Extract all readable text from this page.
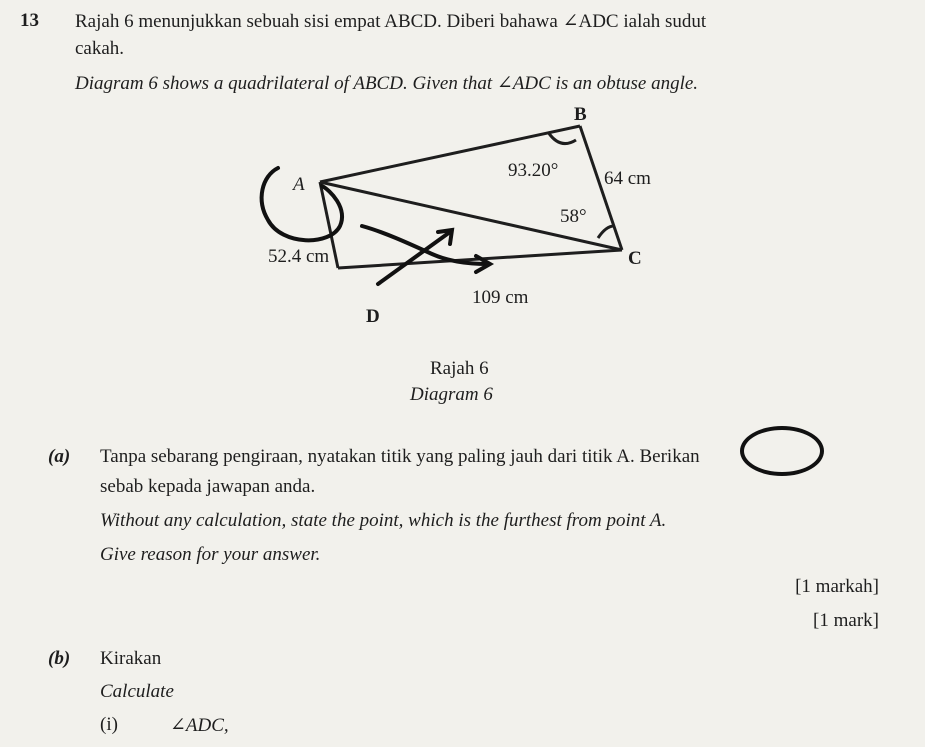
13 Rajah 6 menunjukkan sebuah sisi empat ABCD. Diberi bahawa ∠ADC ialah sudut
cakah.
Diagram 6 shows a quadrilateral of ABCD. Given that ∠ADC is an obtuse angle.
A
B
C
D
93.20°
58°
64 cm
52.4 cm
109 cm
Rajah 6
Diagram 6
(a) Tanpa sebarang pengiraan, nyatakan titik yang paling jauh dari titik A. Berikan
sebab kepada jawapan anda.
Without any calculation, state the point, which is the furthest from point A.
Give reason for your answer.
[1 markah]
[1 mark]
(b) Kirakan
Calculate
(i)	∠ADC,
